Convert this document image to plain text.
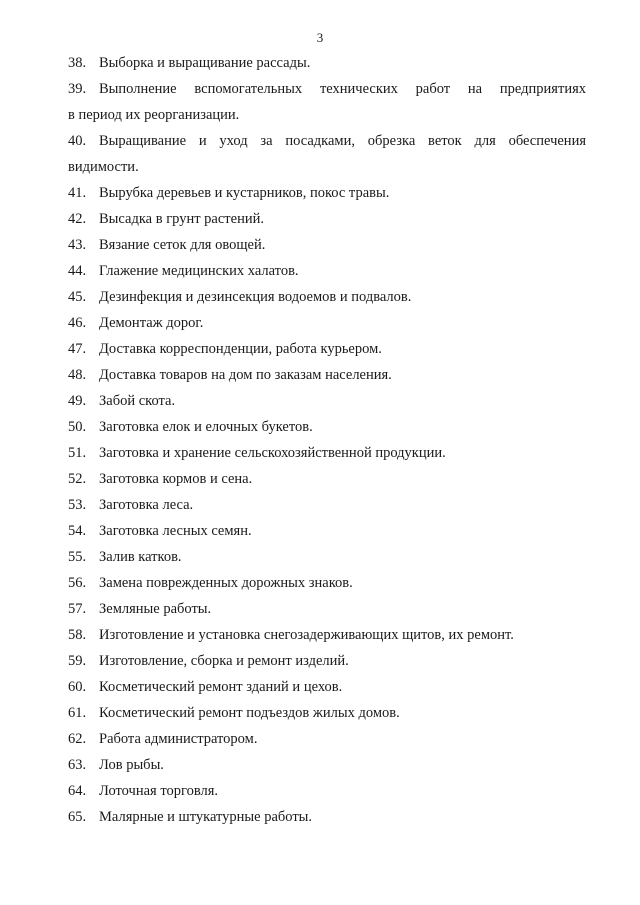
3
38. Выборка и выращивание рассады.
39. Выполнение вспомогательных технических работ на предприятиях
в период их реорганизации.
40. Выращивание и уход за посадками, обрезка веток для обеспечения
видимости.
41. Вырубка деревьев и кустарников, покос травы.
42. Высадка в грунт растений.
43. Вязание сеток для овощей.
44. Глажение медицинских халатов.
45. Дезинфекция и дезинсекция водоемов и подвалов.
46. Демонтаж дорог.
47. Доставка корреспонденции, работа курьером.
48. Доставка товаров на дом по заказам населения.
49. Забой скота.
50. Заготовка елок и елочных букетов.
51. Заготовка и хранение сельскохозяйственной продукции.
52. Заготовка кормов и сена.
53. Заготовка леса.
54. Заготовка лесных семян.
55. Залив катков.
56. Замена поврежденных дорожных знаков.
57. Земляные работы.
58. Изготовление и установка снегозадерживающих щитов, их ремонт.
59. Изготовление, сборка и ремонт изделий.
60. Косметический ремонт зданий и цехов.
61. Косметический ремонт подъездов жилых домов.
62. Работа администратором.
63. Лов рыбы.
64. Лоточная торговля.
65. Малярные и штукатурные работы.
